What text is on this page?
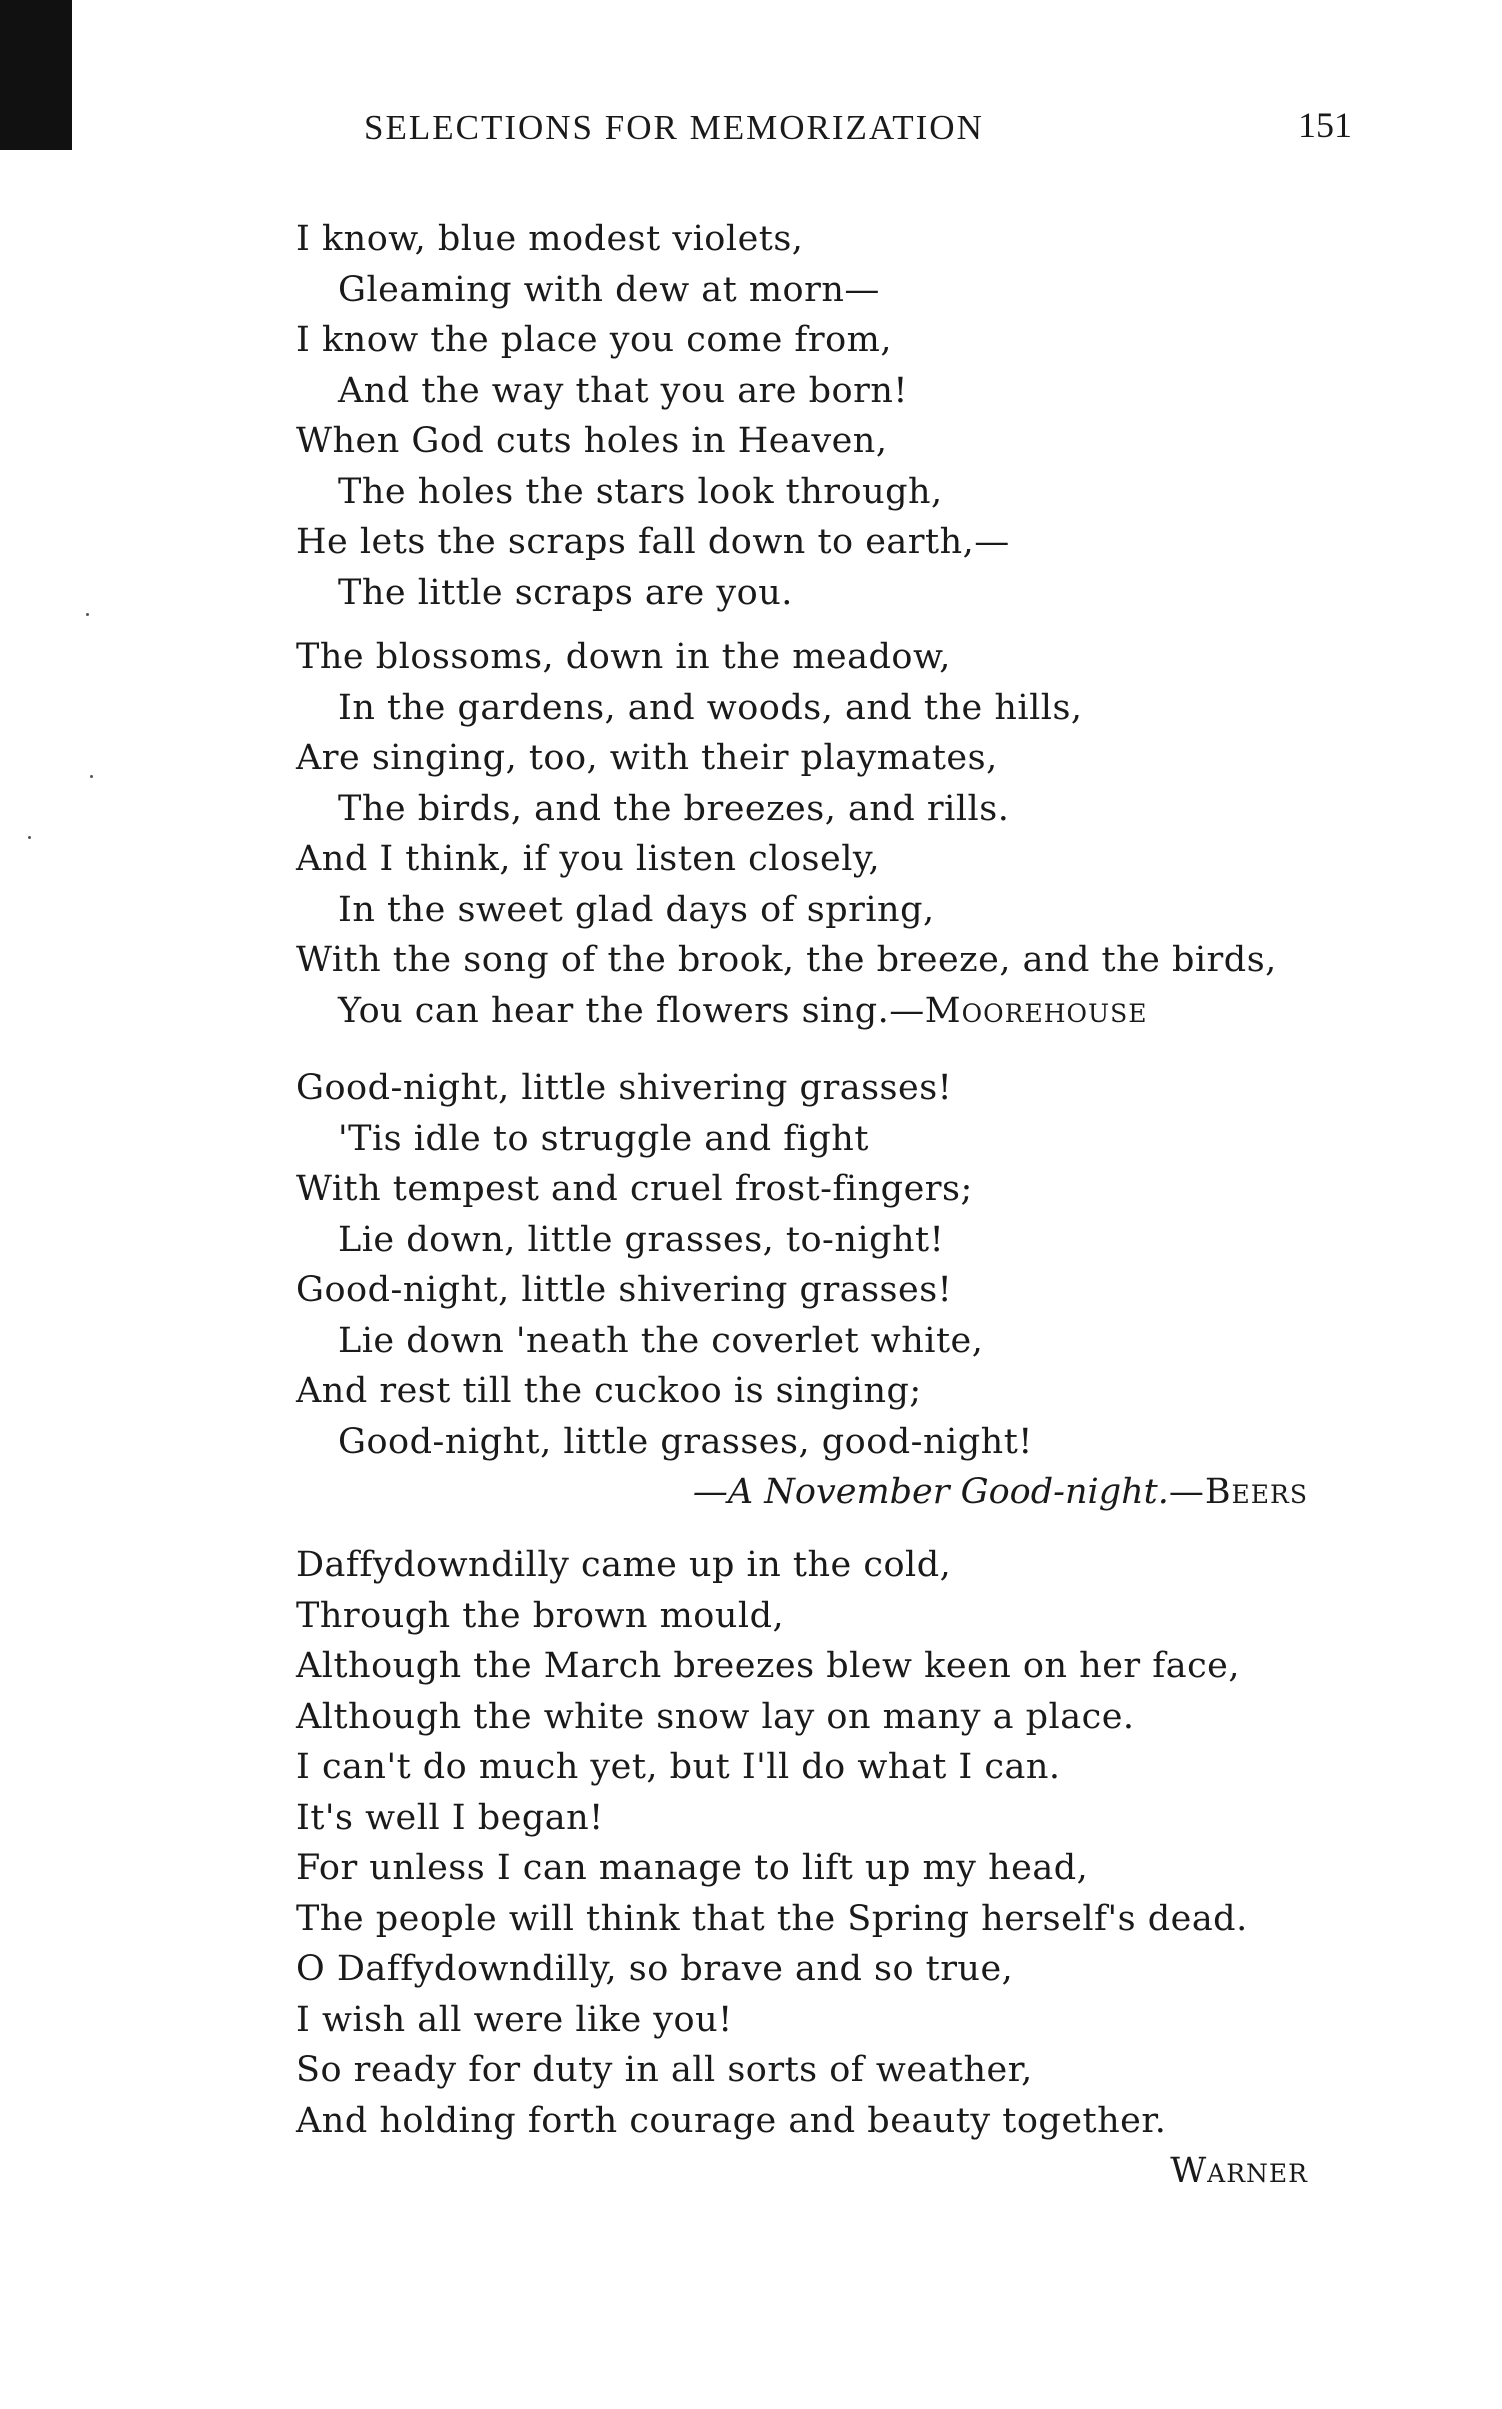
SELECTIONS FOR MEMORIZATION	151
I know, blue modest violets,
Gleaming with dew at morn—
I know the place you come from,
And the way that you are born!
When God cuts holes in Heaven,
The holes the stars look through,
He lets the scraps fall down to earth,—
The little scraps are you.
The blossoms, down in the meadow,
In the gardens, and woods, and the hills,
Are singing, too, with their playmates,
The birds, and the breezes, and rills.
And I think, if you listen closely,
In the sweet glad days of spring,
With the song of the brook, the breeze, and the birds,
You can hear the flowers sing.—Moorehouse
Good-night, little shivering grasses!
'Tis idle to struggle and fight
With tempest and cruel frost-fingers;
Lie down, little grasses, to-night!
Good-night, little shivering grasses!
Lie down 'neath the coverlet white,
And rest till the cuckoo is singing;
Good-night, little grasses, good-night!
—A November Good-night.—Beers
Daffydowndilly came up in the cold,
Through the brown mould,
Although the March breezes blew keen on her face,
Although the white snow lay on many a place.
I can't do much yet, but I'll do what I can.
It's well I began!
For unless I can manage to lift up my head,
The people will think that the Spring herself's dead.
O Daffydowndilly, so brave and so true,
I wish all were like you!
So ready for duty in all sorts of weather,
And holding forth courage and beauty together.
Warner
